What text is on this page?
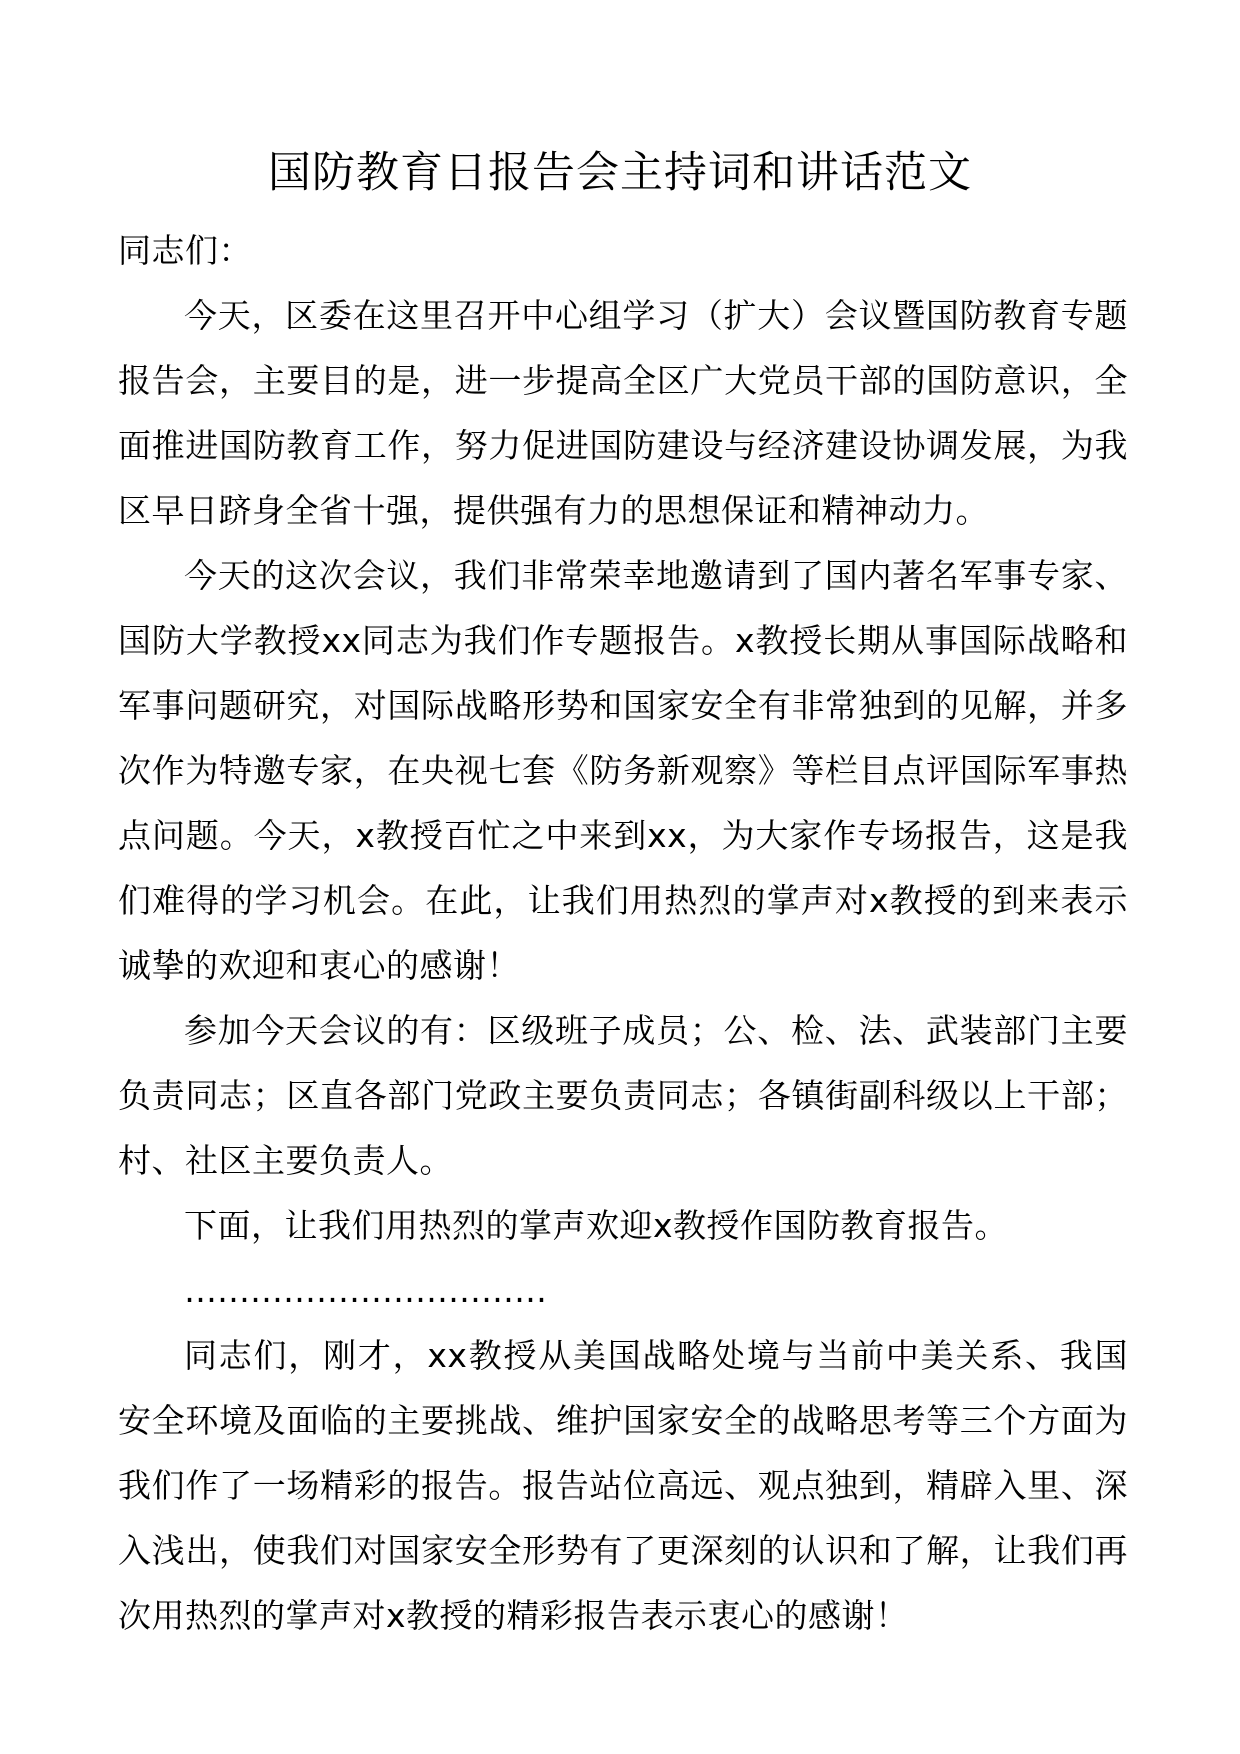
国防教育日报告会主持词和讲话范文

同志们：

今天，区委在这里召开中心组学习（扩大）会议暨国防教育专题报告会，主要目的是，进一步提高全区广大党员干部的国防意识，全面推进国防教育工作，努力促进国防建设与经济建设协调发展，为我区早日跻身全省十强，提供强有力的思想保证和精神动力。

今天的这次会议，我们非常荣幸地邀请到了国内著名军事专家、国防大学教授xx同志为我们作专题报告。x教授长期从事国际战略和军事问题研究，对国际战略形势和国家安全有非常独到的见解，并多次作为特邀专家，在央视七套《防务新观察》等栏目点评国际军事热点问题。今天，x教授百忙之中来到xx，为大家作专场报告，这是我们难得的学习机会。在此，让我们用热烈的掌声对x教授的到来表示诚挚的欢迎和衷心的感谢！

参加今天会议的有：区级班子成员；公、检、法、武装部门主要负责同志；区直各部门党政主要负责同志；各镇街副科级以上干部；村、社区主要负责人。

下面，让我们用热烈的掌声欢迎x教授作国防教育报告。

……………………………

同志们，刚才，xx教授从美国战略处境与当前中美关系、我国安全环境及面临的主要挑战、维护国家安全的战略思考等三个方面为我们作了一场精彩的报告。报告站位高远、观点独到，精辟入里、深入浅出，使我们对国家安全形势有了更深刻的认识和了解，让我们再次用热烈的掌声对x教授的精彩报告表示衷心的感谢！
